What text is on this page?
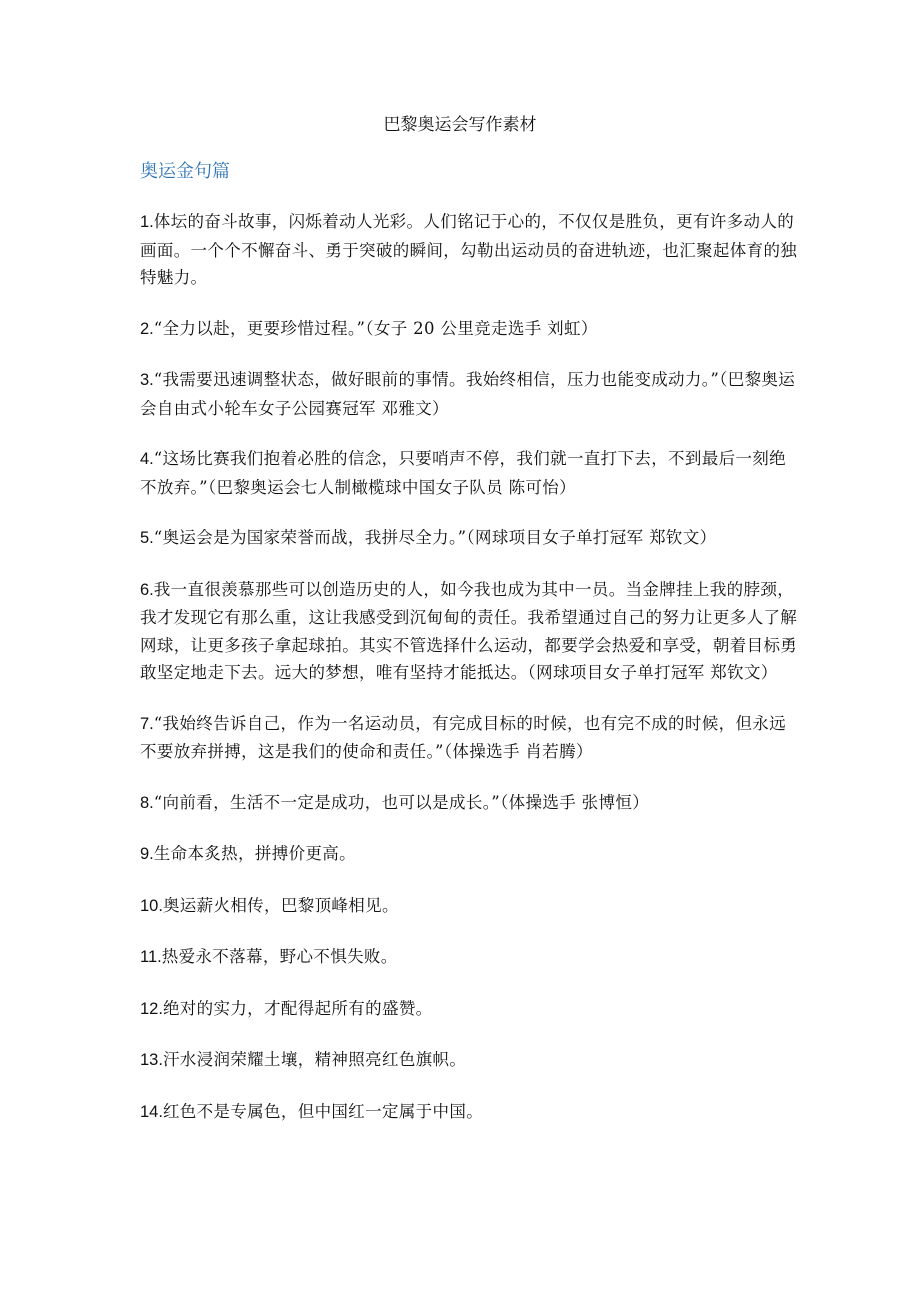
巴黎奥运会写作素材
奥运金句篇

1.体坛的奋斗故事，闪烁着动人光彩。人们铭记于心的，不仅仅是胜负，更有许多动人的画面。一个个不懈奋斗、勇于突破的瞬间，勾勒出运动员的奋进轨迹，也汇聚起体育的独特魅力。

2.“全力以赴，更要珍惜过程。”（女子 20 公里竞走选手 刘虹）

3.“我需要迅速调整状态，做好眼前的事情。我始终相信，压力也能变成动力。”（巴黎奥运会自由式小轮车女子公园赛冠军 邓雅文）

4.“这场比赛我们抱着必胜的信念，只要哨声不停，我们就一直打下去，不到最后一刻绝不放弃。”（巴黎奥运会七人制橄榄球中国女子队员 陈可怡）

5.“奥运会是为国家荣誉而战，我拼尽全力。”（网球项目女子单打冠军 郑钦文）

6.我一直很羡慕那些可以创造历史的人，如今我也成为其中一员。当金牌挂上我的脖颈，我才发现它有那么重，这让我感受到沉甸甸的责任。我希望通过自己的努力让更多人了解网球，让更多孩子拿起球拍。其实不管选择什么运动，都要学会热爱和享受，朝着目标勇敢坚定地走下去。远大的梦想，唯有坚持才能抵达。（网球项目女子单打冠军 郑钦文）

7.“我始终告诉自己，作为一名运动员，有完成目标的时候，也有完不成的时候，但永远不要放弃拼搏，这是我们的使命和责任。”（体操选手 肖若腾）

8.“向前看，生活不一定是成功，也可以是成长。”（体操选手 张博恒）

9.生命本炙热，拼搏价更高。

10.奥运薪火相传，巴黎顶峰相见。

11.热爱永不落幕，野心不惧失败。

12.绝对的实力，才配得起所有的盛赞。

13.汗水浸润荣耀土壤，精神照亮红色旗帜。

14.红色不是专属色，但中国红一定属于中国。
